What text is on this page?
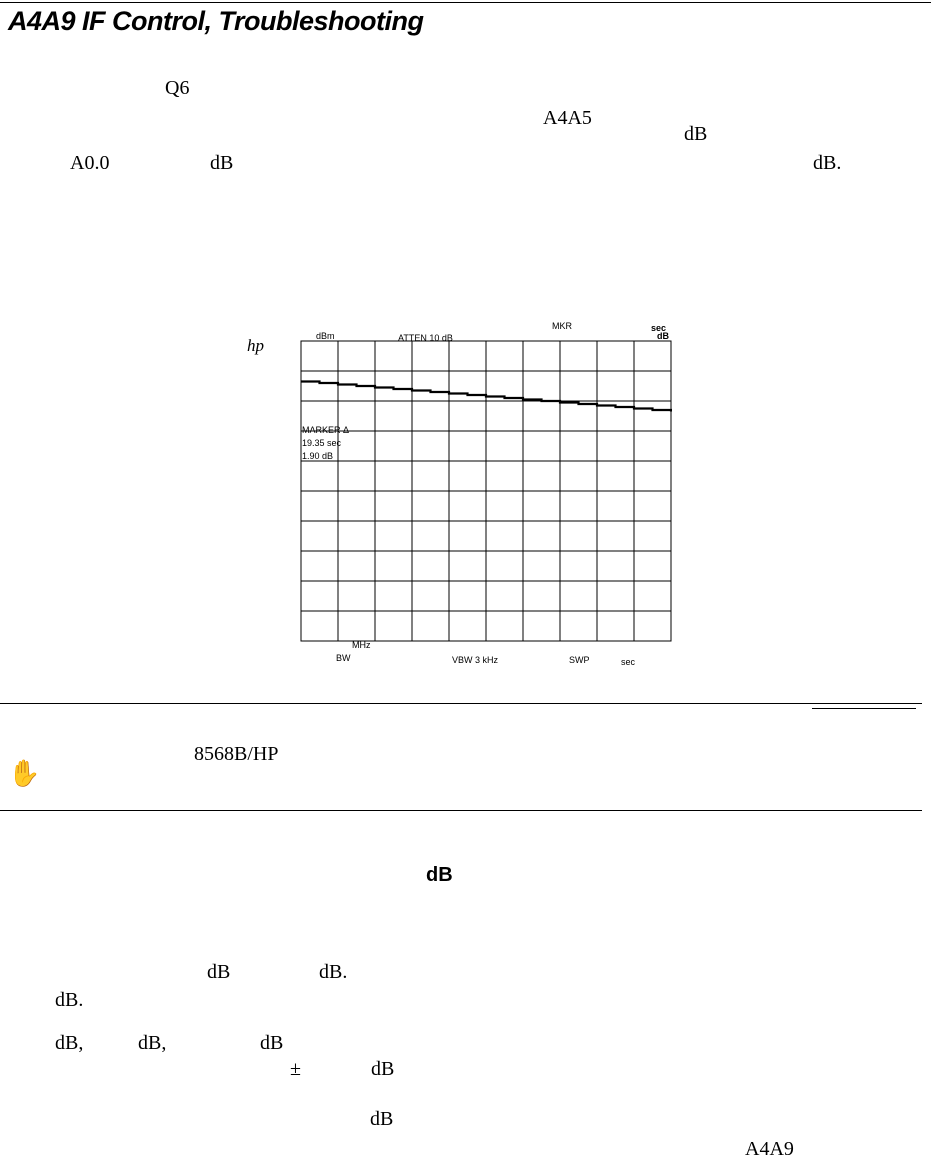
A4A9 IF Control, Troubleshooting
Q6
A4A5
dB
A0.0	dB	dB.
hp	dBm	ATTEN 10 dB
MKR	sec
dB
MARKER Δ
19.35 sec
1.90 dB
MHz
BW	VBW 3 kHz	SWP	sec
8568B/HP
✋
dB
dB	dB.
dB.
dB,	dB,	dB
±	dB
dB
A4A9
